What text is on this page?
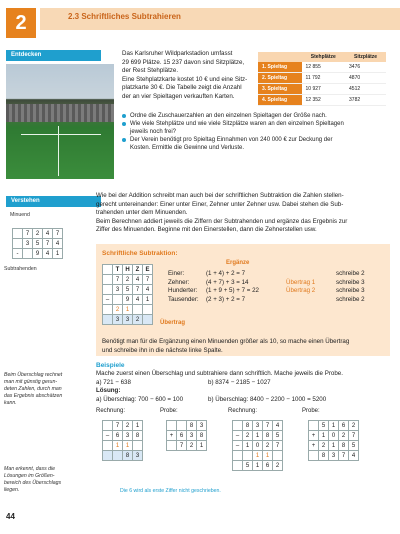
2	2.3 Schriftliches Subtrahieren
Entdecken	Das Karlsruher Wildparkstadion umfasst
29 699 Plätze. 15 237 davon sind Sitzplätze,
der Rest Stehplätze.
Eine Stehplatzkarte kostet 10 € und eine Sitz-
platzkarte 30 €. Die Tabelle zeigt die Anzahl
der an vier Spieltagen verkauften Karten.
	Stehplätze	Sitzplätze
1. Spieltag	12 855	3476
2. Spieltag	11 792	4870
3. Spieltag	10 927	4512
4. Spieltag	12 352	3782
Ordne die Zuschauerzahlen an den einzelnen Spieltagen der Größe nach.
Wie viele Stehplätze und wie viele Sitzplätze waren an den einzelnen Spieltagen
jeweils noch frei?
Der Verein benötigt pro Spieltag Einnahmen von 240 000 € zur Deckung der
Kosten. Ermittle die Gewinne und Verluste.
Verstehen
Minuend
	7	2	4	7
	3	5	7	4
-		9	4	1
Subtrahenden
Wie bei der Addition schreibt man auch bei der schriftlichen Subtraktion die Zahlen stellen-
gerecht untereinander: Einer unter Einer, Zehner unter Zehner usw. Dabei stehen die Sub-
trahenden unter dem Minuenden.
Beim Berechnen addiert jeweils die Ziffern der Subtrahenden und ergänze das Ergebnis zur
Ziffer des Minuenden. Beginne mit den Einerstellen, dann die Zehnerstellen usw.
Schriftliche Subtraktion:
Ergänze
	T	H	Z	E
	7	2	4	7
	3	5	7	4
–		9	4	1
	2	1		
	3	3	2	
Einer:	(1 + 4) + 2 = 7	schreibe 2
Zehner:	(4 + 7) + 3 = 14	Übertrag 1	schreibe 3
Hunderter:	(1 + 9 + 5) + 7 = 22	Übertrag 2	schreibe 3
Tausender:	(2 + 3) + 2 = 7	schreibe 2
Übertrag
Benötigt man für die Ergänzung einen Minuenden größer als 10, so mache einen Übertrag
und schreibe ihn in die nächste linke Spalte.
Beispiele
Beim Überschlag rechnet
man mit günstig gerun-
deten Zahlen, durch man
das Ergebnis abschätzen
kann.
Mache zuerst einen Überschlag und subtrahiere dann schriftlich. Mache jeweils die Probe.
a) 721 − 638	b) 8374 − 2185 − 1027
Lösung:
a) Überschlag: 700 − 600 = 100	b) Überschlag: 8400 − 2200 − 1000 = 5200
Rechnung:	Probe:	Rechnung:	Probe:
	7	2	1
–	6	3	8
	1	1	
		8	3
		8	3
+	6	3	8
	7	2	1
	8	3	7	4
–	2	1	8	5
–	1	0	2	7
		1	1	
	5	1	6	2
	5	1	6	2
+	1	0	2	7
+	2	1	8	5
	8	3	7	4
Man erkennt, dass die
Lösungen im Größen-
bereich des Überschlags
liegen.	Die 6 wird als erste Ziffer nicht geschrieben.
44
